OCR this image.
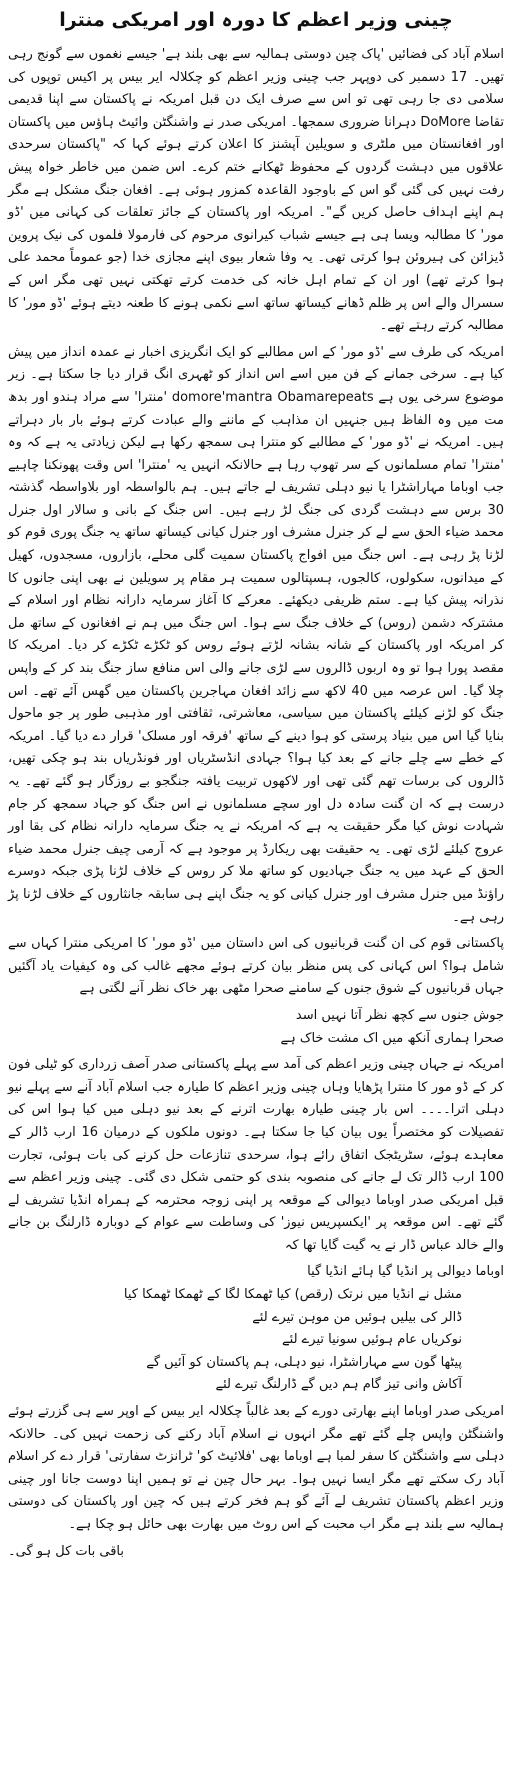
چینی وزیر اعظم کا دورہ اور امریکی منترا

اسلام آباد کی فضائیں 'پاک چین دوستی ہمالیہ سے بھی بلند ہے' جیسے نغموں سے گونج رہی تھیں۔ 17 دسمبر کی دوپہر جب چینی وزیر اعظم کو چکلالہ ایر بیس پر اکیس توپوں کی سلامی دی جا رہی تھی تو اس سے صرف ایک دن قبل امریکہ نے پاکستان سے اپنا قدیمی تقاضا DoMore دہرانا ضروری سمجھا۔ امریکی صدر نے واشنگٹن وائیٹ ہاؤس میں پاکستان اور افغانستان میں ملٹری و سویلین آپشنز کا اعلان کرتے ہوئے کہا کہ "پاکستان سرحدی علاقوں میں دہشت گردوں کے محفوظ ٹھکانے ختم کرے۔ اس ضمن میں خاطر خواہ پیش رفت نہیں کی گئی گو اس کے باوجود القاعدہ کمزور ہوئی ہے۔ افغان جنگ مشکل ہے مگر ہم اپنے اہداف حاصل کریں گے"۔ امریکہ اور پاکستان کے جائز تعلقات کی کہانی میں 'ڈو مور' کا مطالبہ ویسا ہی ہے جیسے شباب کیرانوی مرحوم کی فارمولا فلموں کی نیک پروین ڈیزائن کی ہیروئن ہوا کرتی تھی۔ یہ وفا شعار بیوی اپنے مجازی خدا (جو عموماً محمد علی ہوا کرتے تھے) اور ان کے تمام اہل خانہ کی خدمت کرتے تھکتی نہیں تھی مگر اس کے سسرال والے اس پر ظلم ڈھانے کیساتھ ساتھ اسے نکمی ہونے کا طعنہ دیتے ہوئے 'ڈو مور' کا مطالبہ کرتے رہتے تھے۔

امریکہ کی طرف سے 'ڈو مور' کے اس مطالبے کو ایک انگریزی اخبار نے عمدہ انداز میں پیش کیا ہے۔ سرخی جمانے کے فن میں اسے اس انداز کو ٹھہری انگ قرار دیا جا سکتا ہے۔ زیر موضوع سرخی یوں ہے domore'mantra Obamarepeats 'منترا' سے مراد ہندو اور بدھ مت میں وہ الفاظ ہیں جنہیں ان مذاہب کے ماننے والے عبادت کرتے ہوئے بار بار دہراتے ہیں۔ امریکہ نے 'ڈو مور' کے مطالبے کو منترا ہی سمجھ رکھا ہے لیکن زیادتی یہ ہے کہ وہ 'منترا' تمام مسلمانوں کے سر تھوپ رہا ہے حالانکہ انہیں یہ 'منترا' اس وقت پھونکنا چاہیے جب اوباما مہاراشٹرا یا نیو دہلی تشریف لے جاتے ہیں۔ ہم بالواسطہ اور بلاواسطہ گذشتہ 30 برس سے دہشت گردی کی جنگ لڑ رہے ہیں۔ اس جنگ کے بانی و سالار اول جنرل محمد ضیاء الحق سے لے کر جنرل مشرف اور جنرل کیانی کیساتھ ساتھ یہ جنگ پوری قوم کو لڑنا پڑ رہی ہے۔ اس جنگ میں افواج پاکستان سمیت گلی محلے، بازاروں، مسجدوں، کھیل کے میدانوں، سکولوں، کالجوں، ہسپتالوں سمیت ہر مقام پر سویلین نے بھی اپنی جانوں کا نذرانہ پیش کیا ہے۔ ستم ظریفی دیکھئے۔ معرکے کا آغاز سرمایہ دارانہ نظام اور اسلام کے مشترکہ دشمن (روس) کے خلاف جنگ سے ہوا۔ اس جنگ میں ہم نے افغانوں کے ساتھ مل کر امریکہ اور پاکستان کے شانہ بشانہ لڑتے ہوئے روس کو ٹکڑے ٹکڑے کر دیا۔ امریکہ کا مقصد پورا ہوا تو وہ اربوں ڈالروں سے لڑی جانے والی اس منافع ساز جنگ بند کر کے واپس چلا گیا۔ اس عرصہ میں 40 لاکھ سے زائد افغان مہاجرین پاکستان میں گھس آئے تھے۔ اس جنگ کو لڑنے کیلئے پاکستان میں سیاسی، معاشرتی، ثقافتی اور مذہبی طور پر جو ماحول بنایا گیا اس میں بنیاد پرستی کو ہوا دینے کے ساتھ 'فرقہ اور مسلک' قرار دے دیا گیا۔ امریکہ کے خطے سے چلے جانے کے بعد کیا ہوا؟ جہادی انڈسٹریاں اور فونڈریاں بند ہو چکی تھیں، ڈالروں کی برسات تھم گئی تھی اور لاکھوں تربیت یافتہ جنگجو بے روزگار ہو گئے تھے۔ یہ درست ہے کہ ان گنت سادہ دل اور سچے مسلمانوں نے اس جنگ کو جہاد سمجھ کر جام شہادت نوش کیا مگر حقیقت یہ ہے کہ امریکہ نے یہ جنگ سرمایہ دارانہ نظام کی بقا اور عروج کیلئے لڑی تھی۔ یہ حقیقت بھی ریکارڈ پر موجود ہے کہ آرمی چیف جنرل محمد ضیاء الحق کے عہد میں یہ جنگ جہادیوں کو ساتھ ملا کر روس کے خلاف لڑنا پڑی جبکہ دوسرے راؤنڈ میں جنرل مشرف اور جنرل کیانی کو یہ جنگ اپنے ہی سابقہ جانثاروں کے خلاف لڑنا پڑ رہی ہے۔

پاکستانی قوم کی ان گنت قربانیوں کی اس داستان میں 'ڈو مور' کا امریکی منترا کہاں سے شامل ہوا؟ اس کہانی کی پس منظر بیان کرتے ہوئے مجھے غالب کی وہ کیفیات یاد آگئیں جہاں قربانیوں کے شوق جنوں کے سامنے صحرا مٹھی بھر خاک نظر آنے لگتی ہے

جوش جنوں سے کچھ نظر آتا نہیں اسد

صحرا ہماری آنکھ میں اک مشت خاک ہے

امریکہ نے جہاں چینی وزیر اعظم کی آمد سے پہلے پاکستانی صدر آصف زرداری کو ٹیلی فون کر کے ڈو مور کا منترا پڑھایا وہاں چینی وزیر اعظم کا طیارہ جب اسلام آباد آنے سے پہلے نیو دہلی اترا۔۔۔۔ اس بار چینی طیارہ بھارت اترنے کے بعد نیو دہلی میں کیا ہوا اس کی تفصیلات کو مختصراً یوں بیان کیا جا سکتا ہے۔ دونوں ملکوں کے درمیان 16 ارب ڈالر کے معاہدے ہوئے، سٹریٹجک اتفاق رائے ہوا، سرحدی تنازعات حل کرنے کی بات ہوئی، تجارت 100 ارب ڈالر تک لے جانے کی منصوبہ بندی کو حتمی شکل دی گئی۔ چینی وزیر اعظم سے قبل امریکی صدر اوباما دیوالی کے موقعہ پر اپنی زوجہ محترمہ کے ہمراہ انڈیا تشریف لے گئے تھے۔ اس موقعہ پر 'ایکسپریس نیوز' کی وساطت سے عوام کے دوبارہ ڈارلنگ بن جانے والے خالد عباس ڈار نے یہ گیت گایا تھا کہ

اوباما دیوالی پر انڈیا گیا ہائے انڈیا گیا

مشل نے انڈیا میں نرتک (رقص) کیا ٹھمکا لگا کے ٹھمکا ٹھمکا کیا

ڈالر کی بیلیں ہوئیں من موہن تیرے لئے

نوکریاں عام ہوئیں سونیا تیرے لئے

پیٹھا گون سے مہاراشٹرا، نیو دہلی، ہم پاکستان کو آئیں گے

آکاش وانی تیز گام ہم دیں گے ڈارلنگ تیرے لئے

امریکی صدر اوباما اپنے بھارتی دورے کے بعد غالباً چکلالہ ایر بیس کے اوپر سے ہی گزرتے ہوئے واشنگٹن واپس چلے گئے تھے مگر انہوں نے اسلام آباد رکنے کی زحمت نہیں کی۔ حالانکہ دہلی سے واشنگٹن کا سفر لمبا ہے اوباما بھی 'فلائیٹ کو' ٹرانزٹ سفارتی' قرار دے کر اسلام آباد رک سکتے تھے مگر ایسا نہیں ہوا۔ بہر حال چین نے تو ہمیں اپنا دوست جانا اور چینی وزیر اعظم پاکستان تشریف لے آئے گو ہم فخر کرتے ہیں کہ چین اور پاکستان کی دوستی ہمالیہ سے بلند ہے مگر اب محبت کے اس روٹ میں بھارت بھی حائل ہو چکا ہے۔

باقی بات کل ہو گی۔
